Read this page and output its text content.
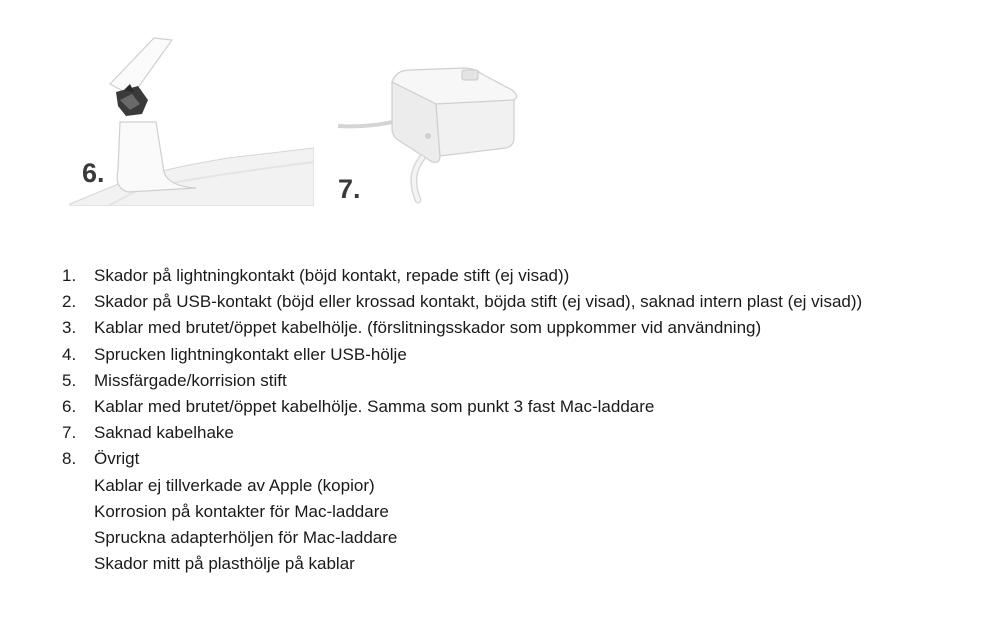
6.
7.
1. Skador på lightningkontakt (böjd kontakt, repade stift (ej visad))
2. Skador på USB-kontakt (böjd eller krossad kontakt, böjda stift (ej visad), saknad intern plast (ej visad))
3. Kablar med brutet/öppet kabelhölje. (förslitningsskador som uppkommer vid användning)
4. Sprucken lightningkontakt eller USB-hölje
5. Missfärgade/korrision stift
6. Kablar med brutet/öppet kabelhölje. Samma som punkt 3 fast Mac-laddare
7. Saknad kabelhake
8. Övrigt
Kablar ej tillverkade av Apple (kopior)
Korrosion på kontakter för Mac-laddare
Spruckna adapterhöljen för Mac-laddare
Skador mitt på plasthölje på kablar
